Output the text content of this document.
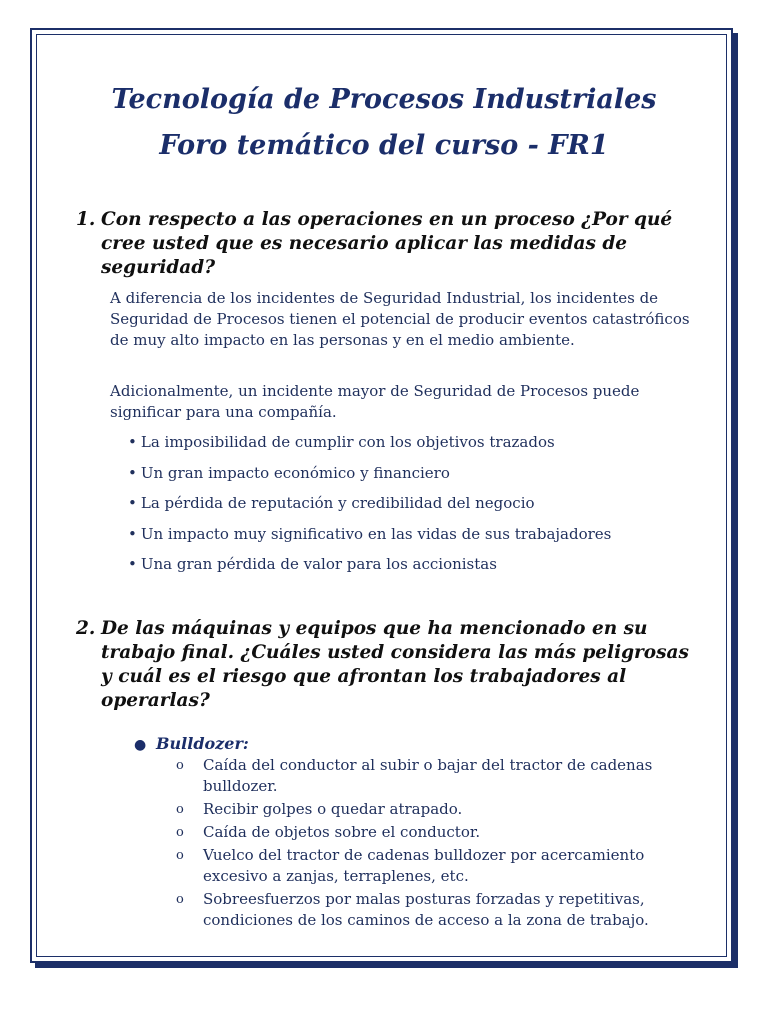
Tecnología de Procesos Industriales
Foro temático del curso - FR1
1. Con respecto a las operaciones en un proceso ¿Por qué cree usted que es necesario aplicar las medidas de seguridad?

A diferencia de los incidentes de Seguridad Industrial, los incidentes de Seguridad de Procesos tienen el potencial de producir eventos catastróficos de muy alto impacto en las personas y en el medio ambiente.

Adicionalmente, un incidente mayor de Seguridad de Procesos puede significar para una compañía.

• La imposibilidad de cumplir con los objetivos trazados
• Un gran impacto económico y financiero
• La pérdida de reputación y credibilidad del negocio
• Un impacto muy significativo en las vidas de sus trabajadores
• Una gran pérdida de valor para los accionistas
2. De las máquinas y equipos que ha mencionado en su trabajo final. ¿Cuáles usted considera las más peligrosas y cuál es el riesgo que afrontan los trabajadores al operarlas?
● Bulldozer:
o Caída del conductor al subir o bajar del tractor de cadenas bulldozer.
o Recibir golpes o quedar atrapado.
o Caída de objetos sobre el conductor.
o Vuelco del tractor de cadenas bulldozer por acercamiento excesivo a zanjas, terraplenes, etc.
o Sobreesfuerzos por malas posturas forzadas y repetitivas, condiciones de los caminos de acceso a la zona de trabajo.
